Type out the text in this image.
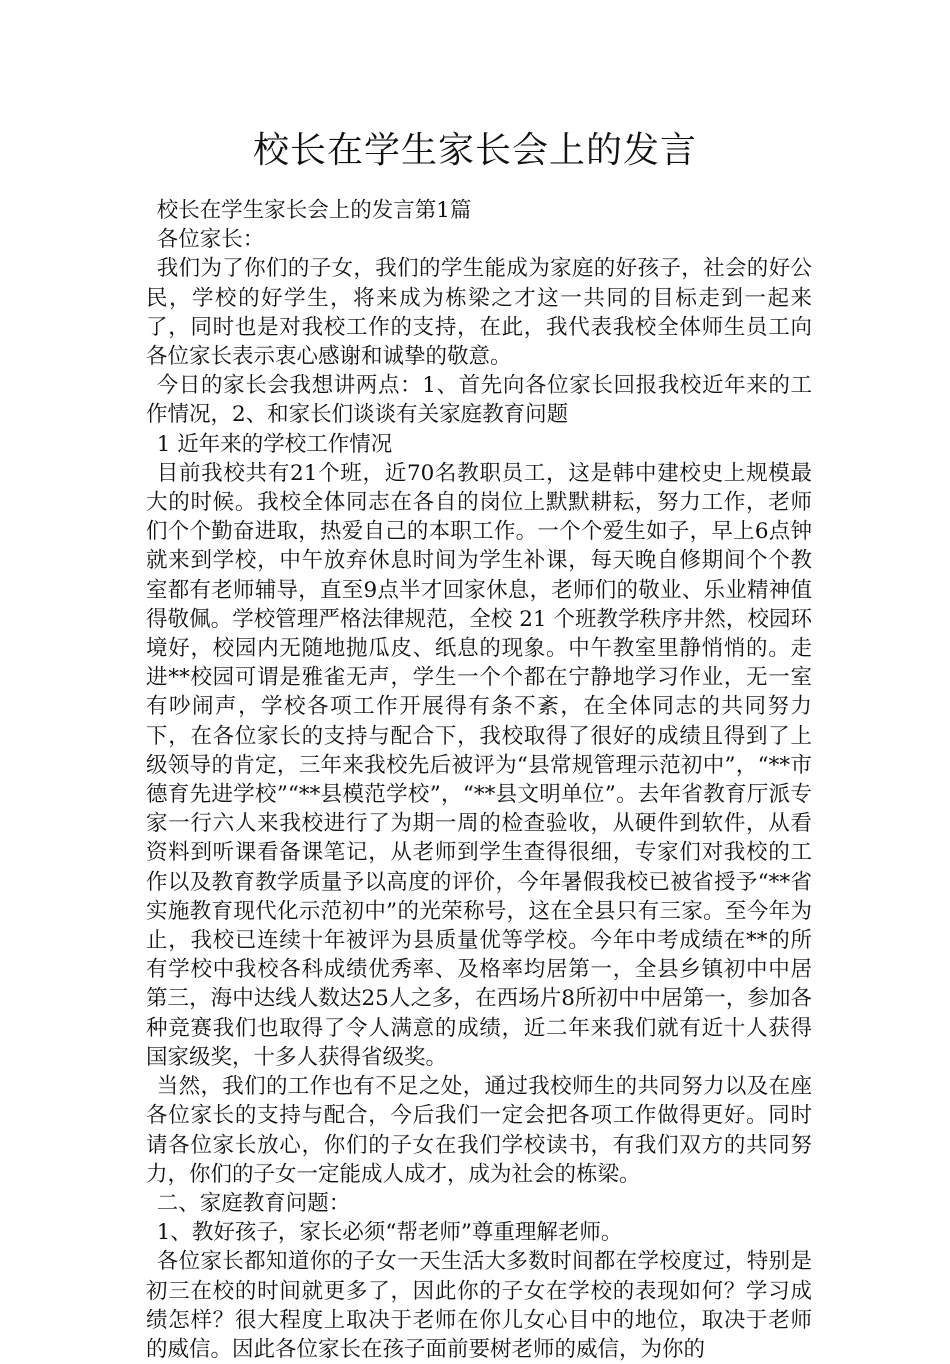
校长在学生家长会上的发言

校长在学生家长会上的发言第1篇

各位家长：

我们为了你们的子女，我们的学生能成为家庭的好孩子，社会的好公民，学校的好学生，将来成为栋梁之才这一共同的目标走到一起来了，同时也是对我校工作的支持，在此，我代表我校全体师生员工向各位家长表示衷心感谢和诚挚的敬意。

今日的家长会我想讲两点：1、首先向各位家长回报我校近年来的工作情况，2、和家长们谈谈有关家庭教育问题

1 近年来的学校工作情况

目前我校共有21个班，近70名教职员工，这是韩中建校史上规模最大的时候。我校全体同志在各自的岗位上默默耕耘，努力工作，老师们个个勤奋进取，热爱自己的本职工作。一个个爱生如子，早上6点钟就来到学校，中午放弃休息时间为学生补课，每天晚自修期间个个教室都有老师辅导，直至9点半才回家休息，老师们的敬业、乐业精神值得敬佩。学校管理严格法律规范，全校 21 个班教学秩序井然，校园环境好，校园内无随地抛瓜皮、纸息的现象。中午教室里静悄悄的。走进**校园可谓是雅雀无声，学生一个个都在宁静地学习作业，无一室有吵闹声，学校各项工作开展得有条不紊，在全体同志的共同努力下，在各位家长的支持与配合下，我校取得了很好的成绩且得到了上级领导的肯定，三年来我校先后被评为“县常规管理示范初中”，“**市德育先进学校”“**县模范学校”，“**县文明单位”。去年省教育厅派专家一行六人来我校进行了为期一周的检查验收，从硬件到软件，从看资料到听课看备课笔记，从老师到学生查得很细，专家们对我校的工作以及教育教学质量予以高度的评价，今年暑假我校已被省授予“**省实施教育现代化示范初中”的光荣称号，这在全县只有三家。至今年为止，我校已连续十年被评为县质量优等学校。今年中考成绩在**的所有学校中我校各科成绩优秀率、及格率均居第一，全县乡镇初中中居第三，海中达线人数达25人之多，在西场片8所初中中居第一，参加各种竞赛我们也取得了令人满意的成绩，近二年来我们就有近十人获得国家级奖，十多人获得省级奖。

当然，我们的工作也有不足之处，通过我校师生的共同努力以及在座各位家长的支持与配合，今后我们一定会把各项工作做得更好。同时请各位家长放心，你们的子女在我们学校读书，有我们双方的共同努力，你们的子女一定能成人成才，成为社会的栋梁。

二、家庭教育问题：

1、教好孩子，家长必须“帮老师”尊重理解老师。

各位家长都知道你的子女一天生活大多数时间都在学校度过，特别是初三在校的时间就更多了，因此你的子女在学校的表现如何？学习成绩怎样？很大程度上取决于老师在你儿女心目中的地位，取决于老师的威信。因此各位家长在孩子面前要树老师的威信，为你的
